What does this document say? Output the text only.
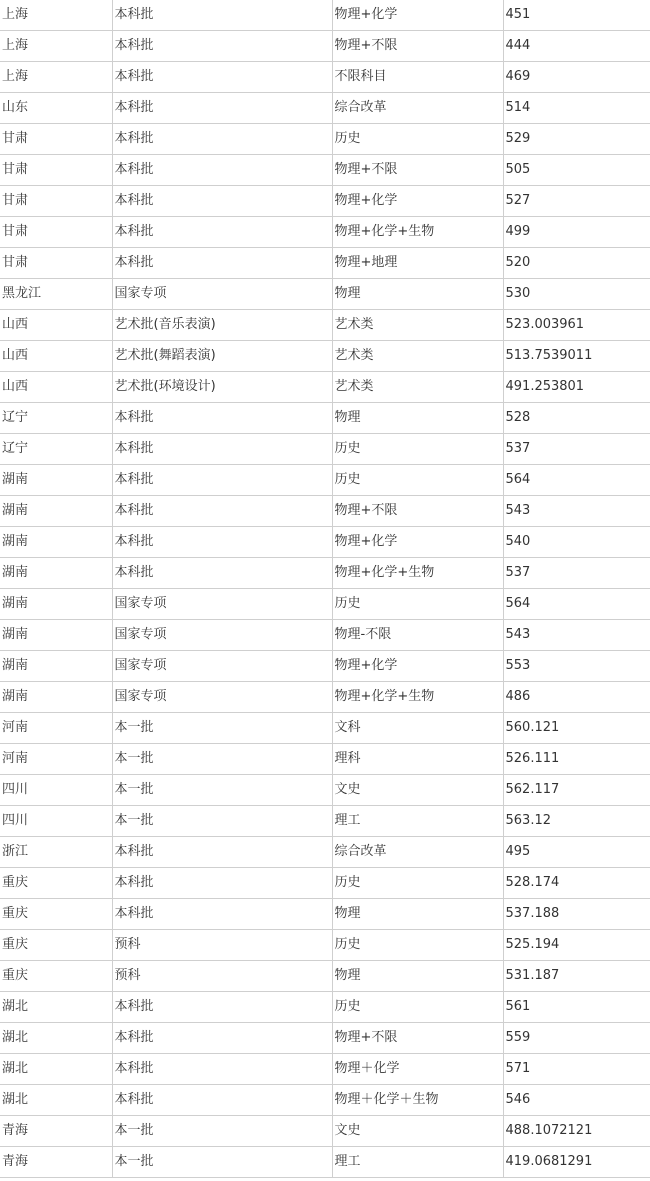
上海	本科批	物理+化学	451
上海	本科批	物理+不限	444
上海	本科批	不限科目	469
山东	本科批	综合改革	514
甘肃	本科批	历史	529
甘肃	本科批	物理+不限	505
甘肃	本科批	物理+化学	527
甘肃	本科批	物理+化学+生物	499
甘肃	本科批	物理+地理	520
黑龙江	国家专项	物理	530
山西	艺术批(音乐表演)	艺术类	523.003961
山西	艺术批(舞蹈表演)	艺术类	513.7539011
山西	艺术批(环境设计)	艺术类	491.253801
辽宁	本科批	物理	528
辽宁	本科批	历史	537
湖南	本科批	历史	564
湖南	本科批	物理+不限	543
湖南	本科批	物理+化学	540
湖南	本科批	物理+化学+生物	537
湖南	国家专项	历史	564
湖南	国家专项	物理-不限	543
湖南	国家专项	物理+化学	553
湖南	国家专项	物理+化学+生物	486
河南	本一批	文科	560.121
河南	本一批	理科	526.111
四川	本一批	文史	562.117
四川	本一批	理工	563.12
浙江	本科批	综合改革	495
重庆	本科批	历史	528.174
重庆	本科批	物理	537.188
重庆	预科	历史	525.194
重庆	预科	物理	531.187
湖北	本科批	历史	561
湖北	本科批	物理+不限	559
湖北	本科批	物理＋化学	571
湖北	本科批	物理＋化学＋生物	546
青海	本一批	文史	488.1072121
青海	本一批	理工	419.0681291
